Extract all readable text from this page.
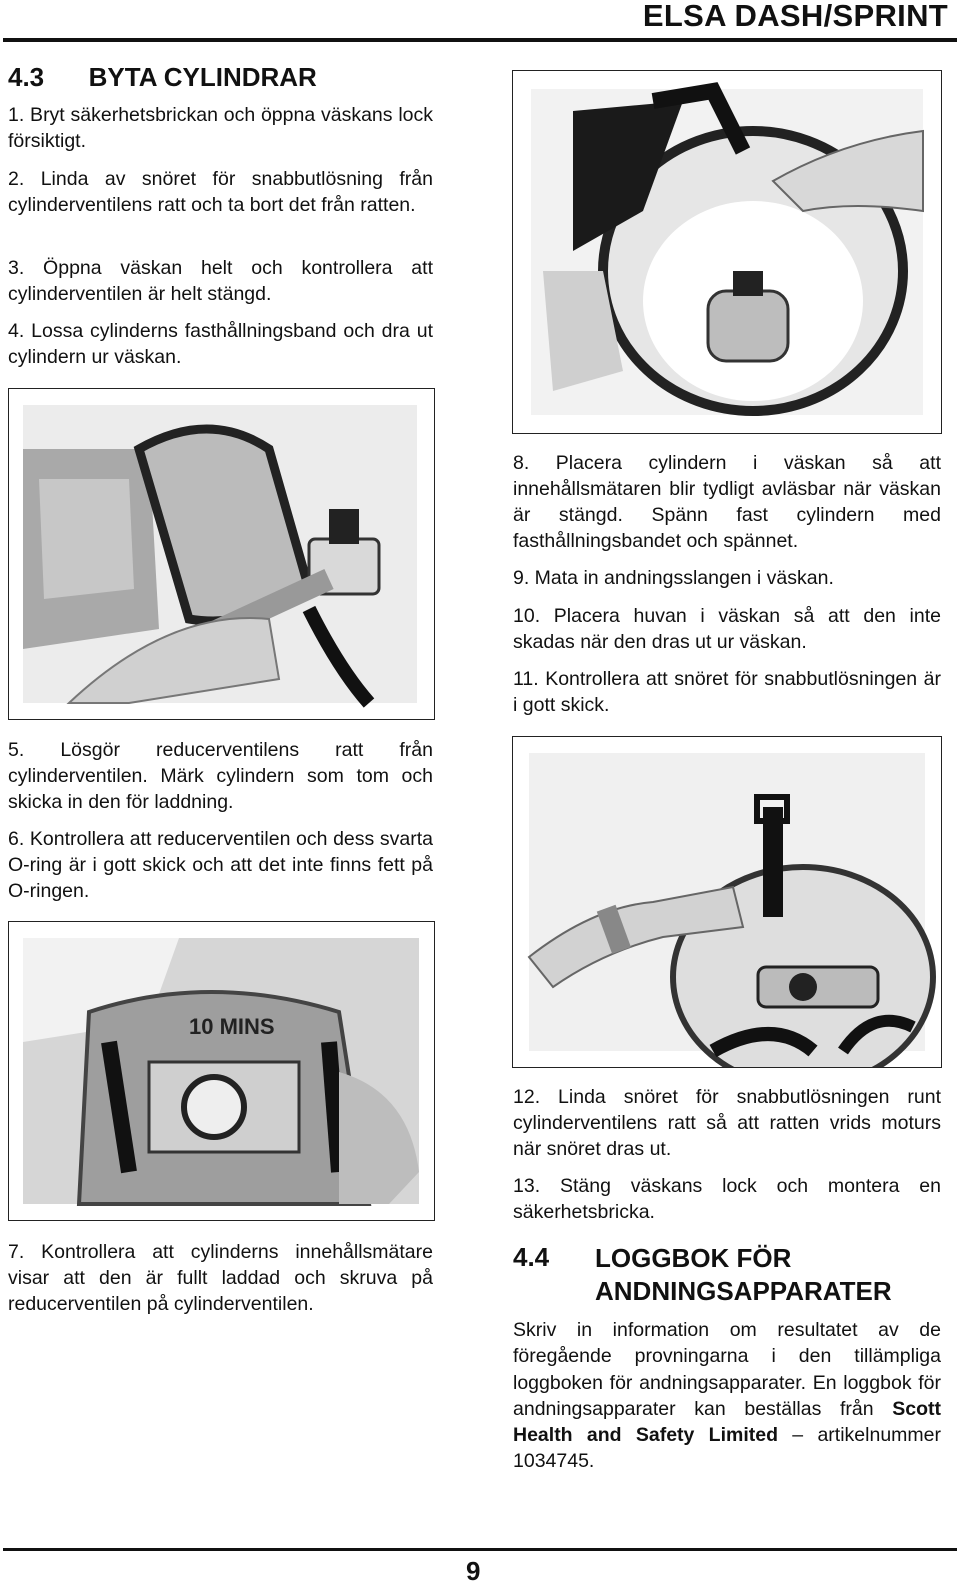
ELSA DASH/SPRINT
4.3 BYTA CYLINDRAR
1. Bryt säkerhetsbrickan och öppna väskans lock försiktigt.
2. Linda av snöret för snabbutlösning från cylinderventilens ratt och ta bort det från ratten.
3. Öppna väskan helt och kontrollera att cylinderventilen är helt stängd.
4. Lossa cylinderns fasthållningsband och dra ut cylindern ur väskan.
5. Lösgör reducerventilens ratt från cylinderventilen. Märk cylindern som tom och skicka in den för laddning.
6. Kontrollera att reducerventilen och dess svarta O-ring är i gott skick och att det inte finns fett på O-ringen.
10 MINS
7. Kontrollera att cylinderns innehållsmätare visar att den är fullt laddad och skruva på reducerventilen på cylinderventilen.
8. Placera cylindern i väskan så att innehållsmätaren blir tydligt avläsbar när väskan är stängd. Spänn fast cylindern med fasthållningsbandet och spännet.
9. Mata in andningsslangen i väskan.
10. Placera huvan i väskan så att den inte skadas när den dras ut ur väskan.
11. Kontrollera att snöret för snabbutlösningen är i gott skick.
12. Linda snöret för snabbutlösningen runt cylinderventilens ratt så att ratten vrids moturs när snöret dras ut.
13. Stäng väskans lock och montera en säkerhetsbricka.
4.4 LOGGBOK FÖR
ANDNINGSAPPARATER
Skriv in information om resultatet av de föregående provningarna i den tillämpliga loggboken för andningsapparater. En loggbok för andningsapparater kan beställas från Scott Health and Safety Limited – artikelnummer 1034745.
9
